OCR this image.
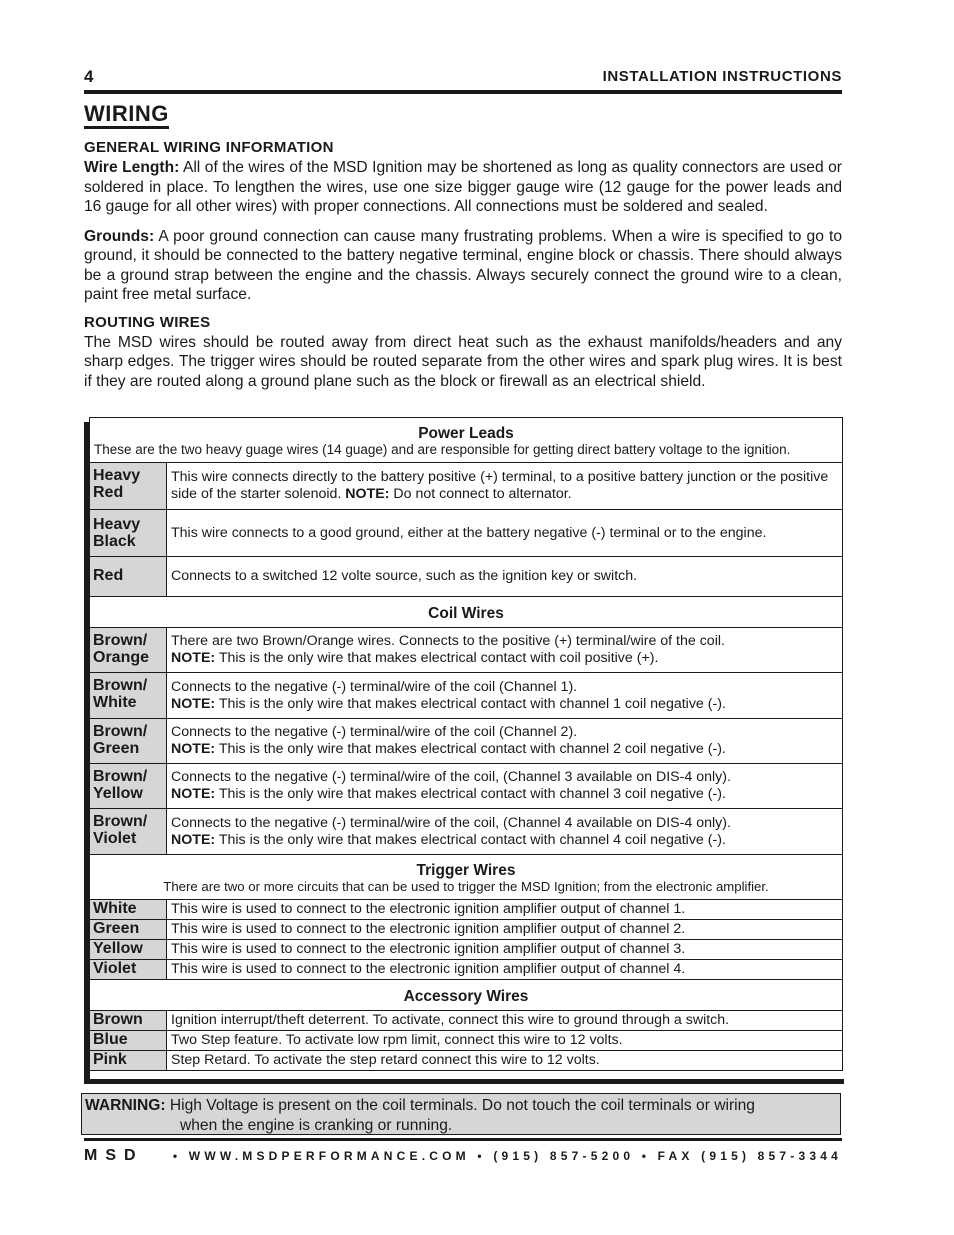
4	INSTALLATION INSTRUCTIONS
WIRING
GENERAL WIRING INFORMATION

Wire Length: All of the wires of the MSD Ignition may be shortened as long as quality connectors are used or soldered in place. To lengthen the wires, use one size bigger gauge wire (12 gauge for the power leads and 16 gauge for all other wires) with proper connections. All connections must be soldered and sealed.

Grounds: A poor ground connection can cause many frustrating problems. When a wire is specified to go to ground, it should be connected to the battery negative terminal, engine block or chassis. There should always be a ground strap between the engine and the chassis. Always securely connect the ground wire to a clean, paint free metal surface.

ROUTING WIRES

The MSD wires should be routed away from direct heat such as the exhaust manifolds/headers and any sharp edges. The trigger wires should be routed separate from the other wires and spark plug wires. It is best if they are routed along a ground plane such as the block or firewall as an electrical shield.

Power Leads
These are the two heavy guage wires (14 guage) and are responsible for getting direct battery voltage to the ignition.	

Heavy Red	This wire connects directly to the battery positive (+) terminal, to a positive battery junction or the positive side of the starter solenoid. NOTE: Do not connect to alternator.
Heavy Black	This wire connects to a good ground, either at the battery negative (-) terminal or to the engine.
Red	Connects to a switched 12 volte source, such as the ignition key or switch.
Coil Wires	
Brown/ Orange	There are two Brown/Orange wires. Connects to the positive (+) terminal/wire of the coil.
NOTE: This is the only wire that makes electrical contact with coil positive (+).
Brown/ White	Connects to the negative (-) terminal/wire of the coil (Channel 1).
NOTE: This is the only wire that makes electrical contact with channel 1 coil negative (-).
Brown/ Green	Connects to the negative (-) terminal/wire of the coil (Channel 2).
NOTE: This is the only wire that makes electrical contact with channel 2 coil negative (-).
Brown/ Yellow	Connects to the negative (-) terminal/wire of the coil, (Channel 3 available on DIS-4 only).
NOTE: This is the only wire that makes electrical contact with channel 3 coil negative (-).
Brown/ Violet	Connects to the negative (-) terminal/wire of the coil, (Channel 4 available on DIS-4 only).
NOTE: This is the only wire that makes electrical contact with channel 4 coil negative (-).
Trigger Wires
There are two or more circuits that can be used to trigger the MSD Ignition; from the electronic amplifier.	

White	This wire is used to connect to the electronic ignition amplifier output of channel 1.
Green	This wire is used to connect to the electronic ignition amplifier output of channel 2.
Yellow	This wire is used to connect to the electronic ignition amplifier output of channel 3.
Violet	This wire is used to connect to the electronic ignition amplifier output of channel 4.
Accessory Wires	
Brown	Ignition interrupt/theft deterrent. To activate, connect this wire to ground through a switch.
Blue	Two Step feature. To activate low rpm limit, connect this wire to 12 volts.
Pink	Step Retard. To activate the step retard connect this wire to 12 volts.
WARNING: High Voltage is present on the coil terminals. Do not touch the coil terminals or wiring
when the engine is cranking or running.
MSD • WWW.MSDPERFORMANCE.COM • (915) 857-5200 • FAX (915) 857-3344
